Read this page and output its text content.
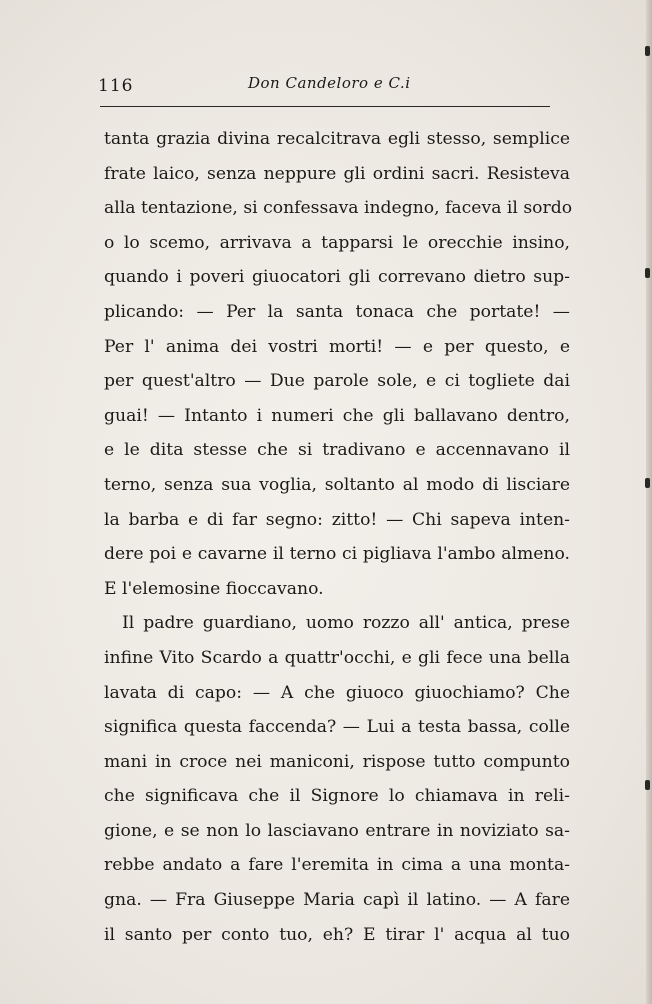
116	Don Candeloro e C.i
tanta grazia divina recalcitrava egli stesso, semplice
frate laico, senza neppure gli ordini sacri. Resisteva
alla tentazione, si confessava indegno, faceva il sordo
o lo scemo, arrivava a tapparsi le orecchie insino,
quando i poveri giuocatori gli correvano dietro sup-
plicando: — Per la santa tonaca che portate! —
Per l' anima dei vostri morti! — e per questo, e
per quest'altro — Due parole sole, e ci togliete dai
guai! — Intanto i numeri che gli ballavano dentro,
e le dita stesse che si tradivano e accennavano il
terno, senza sua voglia, soltanto al modo di lisciare
la barba e di far segno: zitto! — Chi sapeva inten-
dere poi e cavarne il terno ci pigliava l'ambo almeno.
E l'elemosine fioccavano.
Il padre guardiano, uomo rozzo all' antica, prese
infine Vito Scardo a quattr'occhi, e gli fece una bella
lavata di capo: — A che giuoco giuochiamo? Che
significa questa faccenda? — Lui a testa bassa, colle
mani in croce nei maniconi, rispose tutto compunto
che significava che il Signore lo chiamava in reli-
gione, e se non lo lasciavano entrare in noviziato sa-
rebbe andato a fare l'eremita in cima a una monta-
gna. — Fra Giuseppe Maria capì il latino. — A fare
il santo per conto tuo, eh? E tirar l' acqua al tuo
